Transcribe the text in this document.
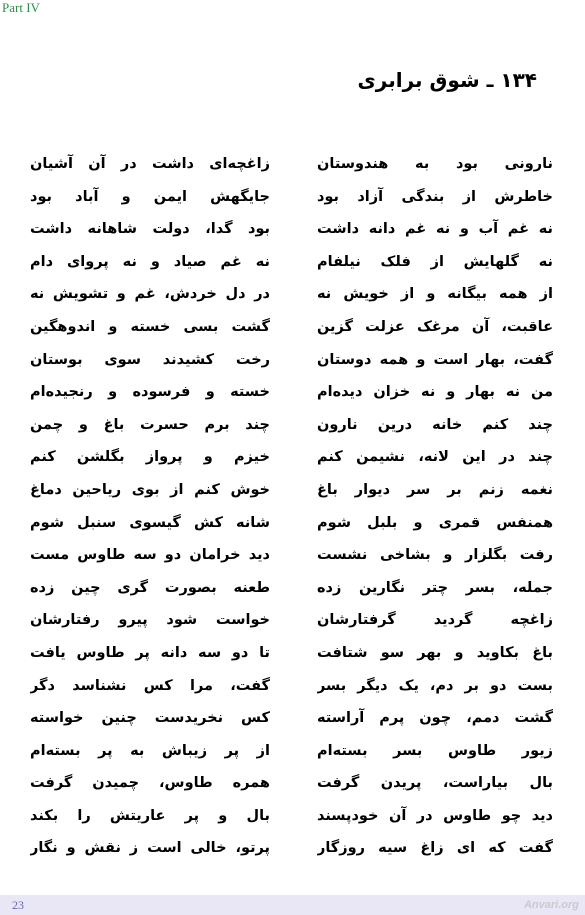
Part IV
۱۳۴ ـ شوق برابری
نارونی بود به هندوستان
خاطرش از بندگی آزاد بود
نه غم آب و نه غم دانه داشت
نه گلهایش از فلک نیلفام
از همه بیگانه و از خویش نه
عاقبت، آن مرغک عزلت گزین
گفت، بهار است و همه دوستان
من نه بهار و نه خزان دیده‌ام
چند کنم خانه درین نارون
چند در این لانه، نشیمن کنم
نغمه زنم بر سر دیوار باغ
همنفس قمری و بلبل شوم
رفت بگلزار و بشاخی نشست
جمله، بسر چتر نگارین زده
زاغچه گردید گرفتارشان
باغ بکاوید و بهر سو شتافت
بست دو بر دم، یک دیگر بسر
گشت دمم، چون پرم آراسته
زیور طاوس بسر بسته‌ام
بال بیاراست، پریدن گرفت
دید چو طاوس در آن خودپسند
گفت که ای زاغ سیه روزگار
زاغچه‌ای داشت در آن آشیان
جایگهش ایمن و آباد بود
بود گدا، دولت شاهانه داشت
نه غم صیاد و نه پروای دام
در دل خردش، غم و تشویش نه
گشت بسی خسته و اندوهگین
رخت کشیدند سوی بوستان
خسته و فرسوده و رنجیده‌ام
چند برم حسرت باغ و چمن
خیزم و پرواز بگلشن کنم
خوش کنم از بوی ریاحین دماغ
شانه کش گیسوی سنبل شوم
دید خرامان دو سه طاوس مست
طعنه بصورت گری چین زده
خواست شود پیرو رفتارشان
تا دو سه دانه پر طاوس یافت
گفت، مرا کس نشناسد دگر
کس نخریدست چنین خواسته
از پر زیباش به پر بسته‌ام
همره طاوس، چمیدن گرفت
بال و پر عاریتش را بکند
پرتو، خالی است ز نقش و نگار
23	Anvari.org
